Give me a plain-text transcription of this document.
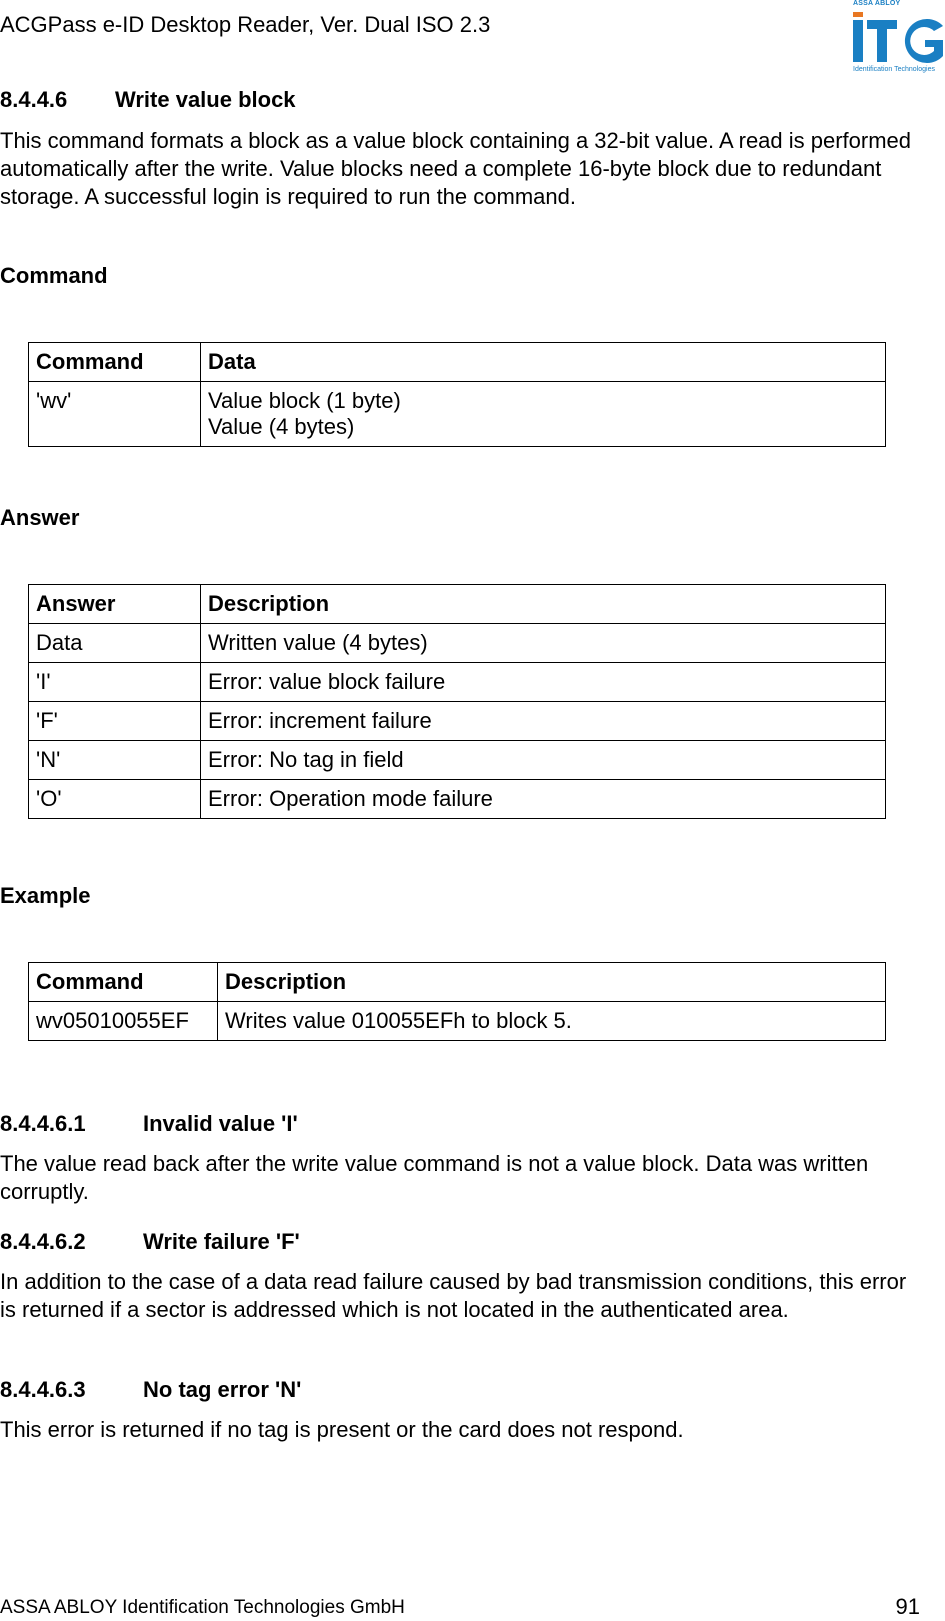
ACGPass e-ID Desktop Reader, Ver. Dual ISO 2.3
ASSA ABLOY
Identification Technologies
8.4.4.6 Write value block

This command formats a block as a value block containing a 32-bit value. A read is performed automatically after the write. Value blocks need a complete 16-byte block due to redundant storage. A successful login is required to run the command.

Command
Command	Data
'wv'	Value block (1 byte)
Value (4 bytes)
Answer
Answer	Description
Data	Written value (4 bytes)
'I'	Error: value block failure
'F'	Error: increment failure
'N'	Error: No tag in field
'O'	Error: Operation mode failure
Example
Command	Description
wv05010055EF	Writes value 010055EFh to block 5.
8.4.4.6.1	Invalid value 'I'

The value read back after the write value command is not a value block. Data was written corruptly.

8.4.4.6.2	Write failure 'F'

In addition to the case of a data read failure caused by bad transmission conditions, this error is returned if a sector is addressed which is not located in the authenticated area.

8.4.4.6.3	No tag error 'N'

This error is returned if no tag is present or the card does not respond.

ASSA ABLOY Identification Technologies GmbH	91
